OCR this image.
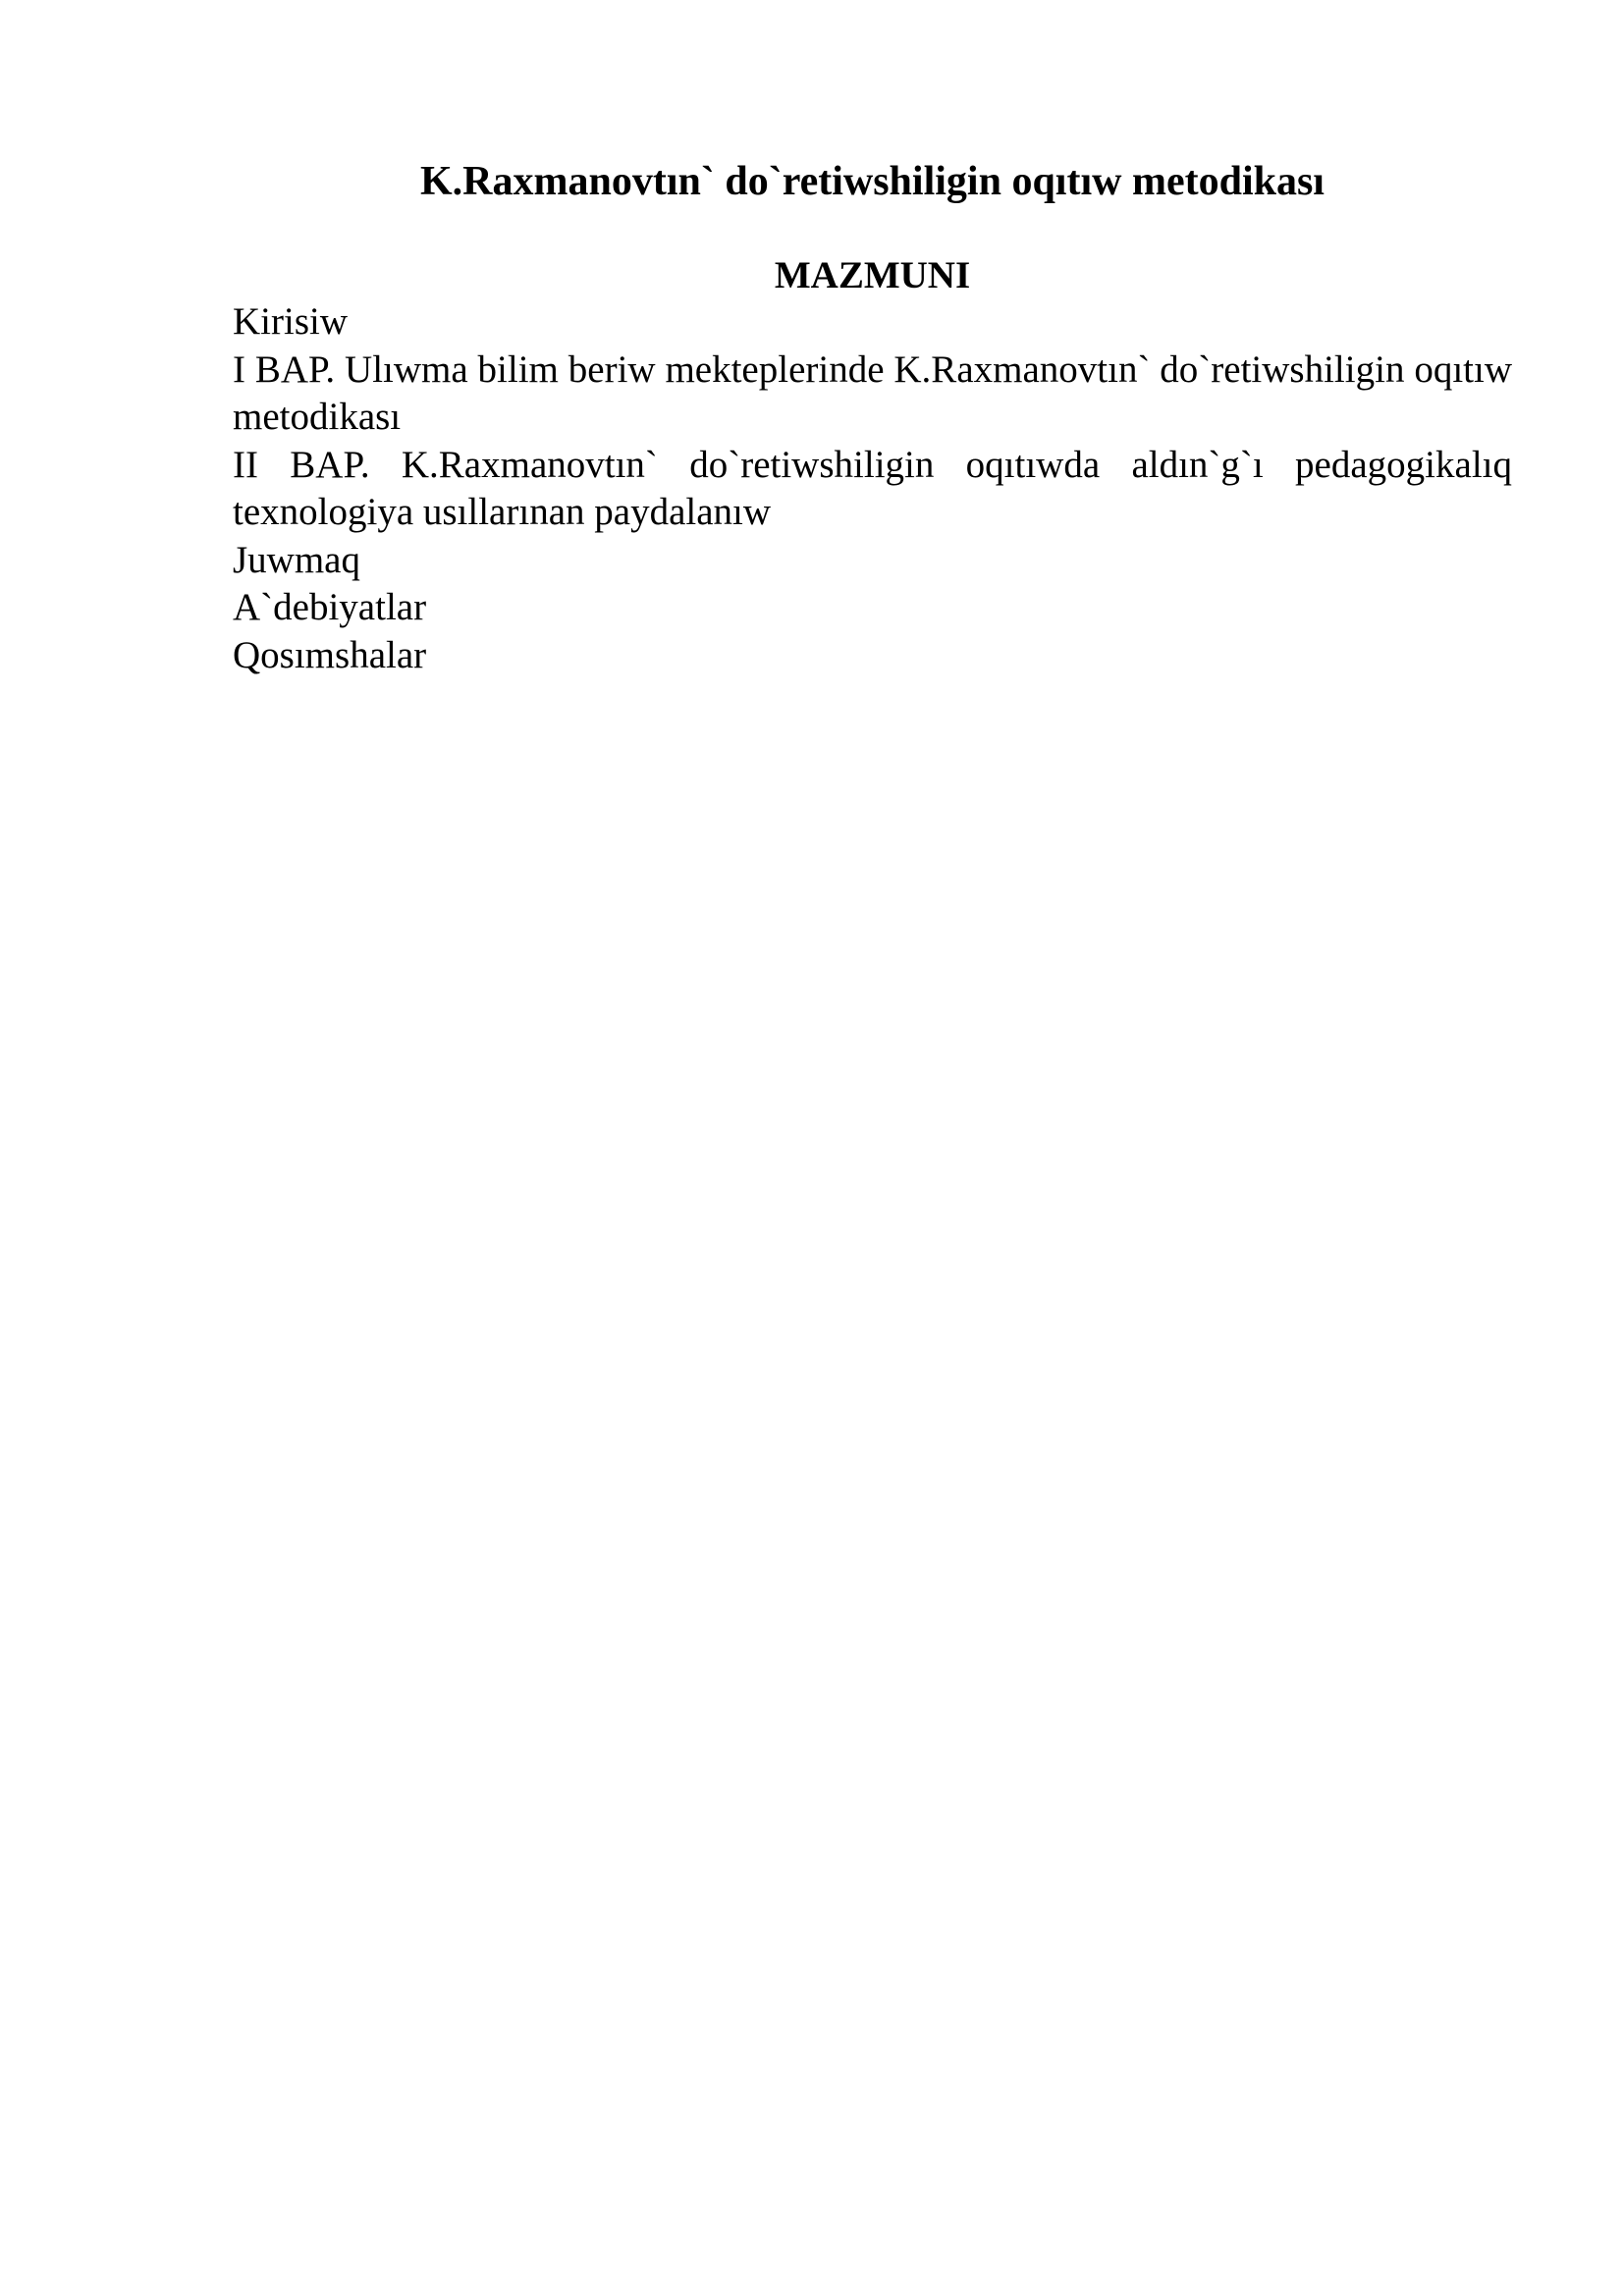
K.Raxmanovtın` do`retiwshiligin oqıtıw metodikası
MAZMUNI
Kirisiw
I BAP. Ulıwma bilim beriw mekteplerinde K.Raxmanovtın` do`retiwshiligin oqıtıw metodikası
II BAP. K.Raxmanovtın` do`retiwshiligin oqıtıwda aldın`g`ı pedagogikalıq texnologiya usıllarınan paydalanıw
Juwmaq
A`debiyatlar
Qosımshalar
